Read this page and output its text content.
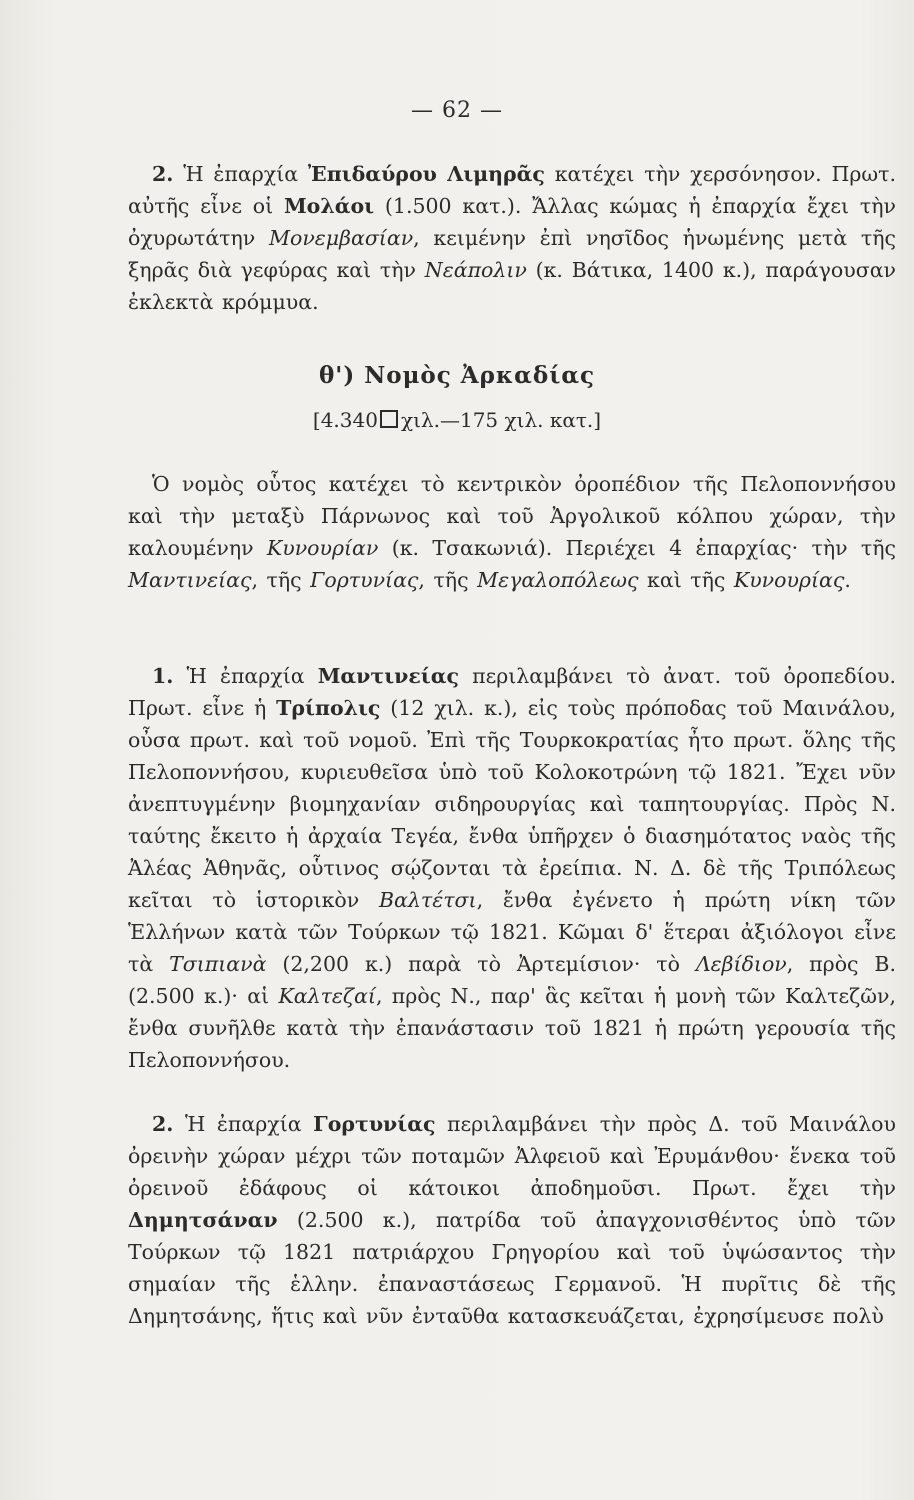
— 62 —

2. Ἡ ἐπαρχία Ἐπιδαύρου Λιμηρᾶς κατέχει τὴν χερσόνησον. Πρωτ. αὐτῆς εἶνε οἱ Μολάοι (1.500 κατ.). Ἄλλας κώμας ἡ ἐπαρχία ἔχει τὴν ὀχυρωτάτην Μονεμβασίαν, κειμένην ἐπὶ νησῖδος ἡνωμένης μετὰ τῆς ξηρᾶς διὰ γεφύρας καὶ τὴν Νεάπολιν (κ. Βάτικα, 1400 κ.), παράγουσαν ἐκλεκτὰ κρόμμυα.

θ') Νομὸς Ἀρκαδίας
[4.340 χιλ.—175 χιλ. κατ.]

Ὁ νομὸς οὗτος κατέχει τὸ κεντρικὸν ὀροπέδιον τῆς Πελοποννήσου καὶ τὴν μεταξὺ Πάρνωνος καὶ τοῦ Ἀργολικοῦ κόλπου χώραν, τὴν καλουμένην Κυνουρίαν (κ. Τσακωνιά). Περιέχει 4 ἐπαρχίας· τὴν τῆς Μαντινείας, τῆς Γορτυνίας, τῆς Μεγαλοπόλεως καὶ τῆς Κυνουρίας.

1. Ἡ ἐπαρχία Μαντινείας περιλαμβάνει τὸ ἀνατ. τοῦ ὀροπεδίου. Πρωτ. εἶνε ἡ Τρίπολις (12 χιλ. κ.), εἰς τοὺς πρόποδας τοῦ Μαινάλου, οὖσα πρωτ. καὶ τοῦ νομοῦ. Ἐπὶ τῆς Τουρκοκρατίας ἦτο πρωτ. ὅλης τῆς Πελοποννήσου, κυριευθεῖσα ὑπὸ τοῦ Κολοκοτρώνη τῷ 1821. Ἔχει νῦν ἀνεπτυγμένην βιομηχανίαν σιδηρουργίας καὶ ταπητουργίας. Πρὸς Ν. ταύτης ἔκειτο ἡ ἀρχαία Τεγέα, ἔνθα ὑπῆρχεν ὁ διασημότατος ναὸς τῆς Ἀλέας Ἀθηνᾶς, οὗτινος σῴζονται τὰ ἐρείπια. Ν. Δ. δὲ τῆς Τριπόλεως κεῖται τὸ ἱστορικὸν Βαλτέτσι, ἔνθα ἐγένετο ἡ πρώτη νίκη τῶν Ἑλλήνων κατὰ τῶν Τούρκων τῷ 1821. Κῶμαι δ' ἕτεραι ἀξιόλογοι εἶνε τὰ Τσιπιανὰ (2,200 κ.) παρὰ τὸ Ἀρτεμίσιον· τὸ Λεβίδιον, πρὸς Β. (2.500 κ.)· αἱ Καλτεζαί, πρὸς Ν., παρ' ἃς κεῖται ἡ μονὴ τῶν Καλτεζῶν, ἔνθα συνῆλθε κατὰ τὴν ἐπανάστασιν τοῦ 1821 ἡ πρώτη γερουσία τῆς Πελοποννήσου.

2. Ἡ ἐπαρχία Γορτυνίας περιλαμβάνει τὴν πρὸς Δ. τοῦ Μαινάλου ὀρεινὴν χώραν μέχρι τῶν ποταμῶν Ἀλφειοῦ καὶ Ἐρυμάνθου· ἕνεκα τοῦ ὀρεινοῦ ἐδάφους οἱ κάτοικοι ἀποδημοῦσι. Πρωτ. ἔχει τὴν Δημητσάναν (2.500 κ.), πατρίδα τοῦ ἀπαγχονισθέντος ὑπὸ τῶν Τούρκων τῷ 1821 πατριάρχου Γρηγορίου καὶ τοῦ ὑψώσαντος τὴν σημαίαν τῆς ἑλλην. ἐπαναστάσεως Γερμανοῦ. Ἡ πυρῖτις δὲ τῆς Δημητσάνης, ἥτις καὶ νῦν ἐνταῦθα κατασκευάζεται, ἐχρησίμευσε πολὺ
